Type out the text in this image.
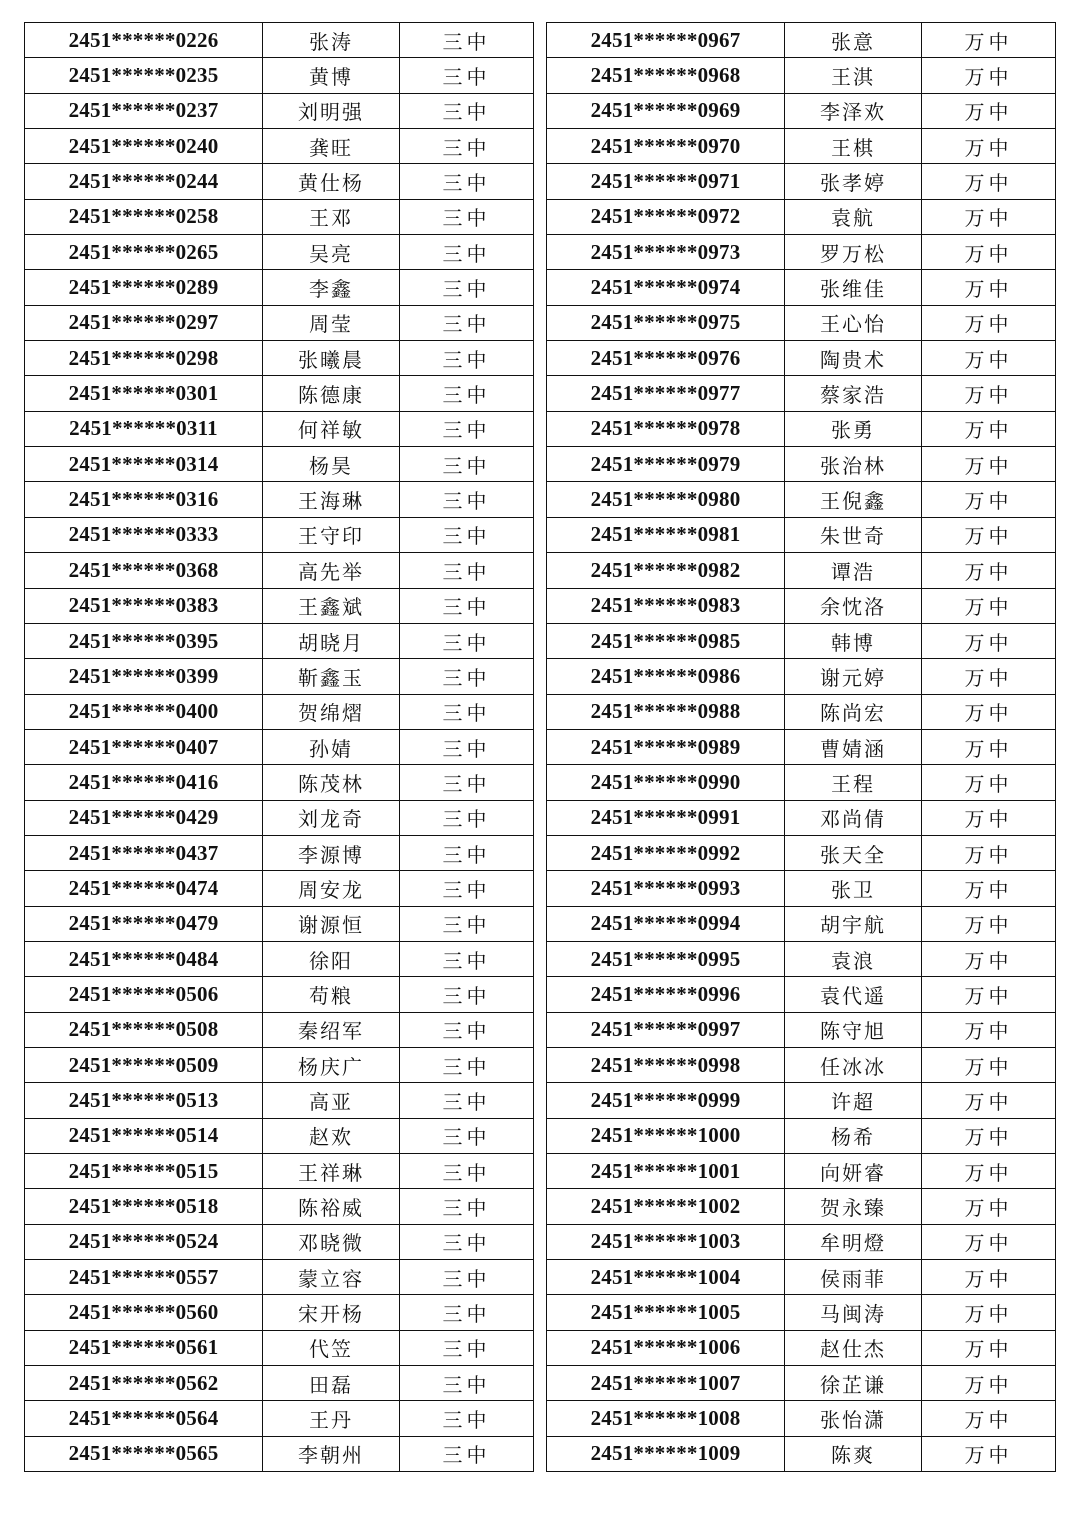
2451******0226	张涛	三中
2451******0235	黄博	三中
2451******0237	刘明强	三中
2451******0240	龚旺	三中
2451******0244	黄仕杨	三中
2451******0258	王邓	三中
2451******0265	吴亮	三中
2451******0289	李鑫	三中
2451******0297	周莹	三中
2451******0298	张曦晨	三中
2451******0301	陈德康	三中
2451******0311	何祥敏	三中
2451******0314	杨昊	三中
2451******0316	王海琳	三中
2451******0333	王守印	三中
2451******0368	高先举	三中
2451******0383	王鑫斌	三中
2451******0395	胡晓月	三中
2451******0399	靳鑫玉	三中
2451******0400	贺绵熠	三中
2451******0407	孙婧	三中
2451******0416	陈茂林	三中
2451******0429	刘龙奇	三中
2451******0437	李源博	三中
2451******0474	周安龙	三中
2451******0479	谢源恒	三中
2451******0484	徐阳	三中
2451******0506	苟粮	三中
2451******0508	秦绍军	三中
2451******0509	杨庆广	三中
2451******0513	高亚	三中
2451******0514	赵欢	三中
2451******0515	王祥琳	三中
2451******0518	陈裕威	三中
2451******0524	邓晓微	三中
2451******0557	蒙立容	三中
2451******0560	宋开杨	三中
2451******0561	代笠	三中
2451******0562	田磊	三中
2451******0564	王丹	三中
2451******0565	李朝州	三中
2451******0967	张意	万中
2451******0968	王淇	万中
2451******0969	李泽欢	万中
2451******0970	王棋	万中
2451******0971	张孝婷	万中
2451******0972	袁航	万中
2451******0973	罗万松	万中
2451******0974	张维佳	万中
2451******0975	王心怡	万中
2451******0976	陶贵术	万中
2451******0977	蔡家浩	万中
2451******0978	张勇	万中
2451******0979	张治林	万中
2451******0980	王倪鑫	万中
2451******0981	朱世奇	万中
2451******0982	谭浩	万中
2451******0983	余忱洛	万中
2451******0985	韩博	万中
2451******0986	谢元婷	万中
2451******0988	陈尚宏	万中
2451******0989	曹婧涵	万中
2451******0990	王程	万中
2451******0991	邓尚倩	万中
2451******0992	张天全	万中
2451******0993	张卫	万中
2451******0994	胡宇航	万中
2451******0995	袁浪	万中
2451******0996	袁代遥	万中
2451******0997	陈守旭	万中
2451******0998	任冰冰	万中
2451******0999	许超	万中
2451******1000	杨希	万中
2451******1001	向妍睿	万中
2451******1002	贺永臻	万中
2451******1003	牟明燈	万中
2451******1004	侯雨菲	万中
2451******1005	马闽涛	万中
2451******1006	赵仕杰	万中
2451******1007	徐芷谦	万中
2451******1008	张怡潇	万中
2451******1009	陈爽	万中
